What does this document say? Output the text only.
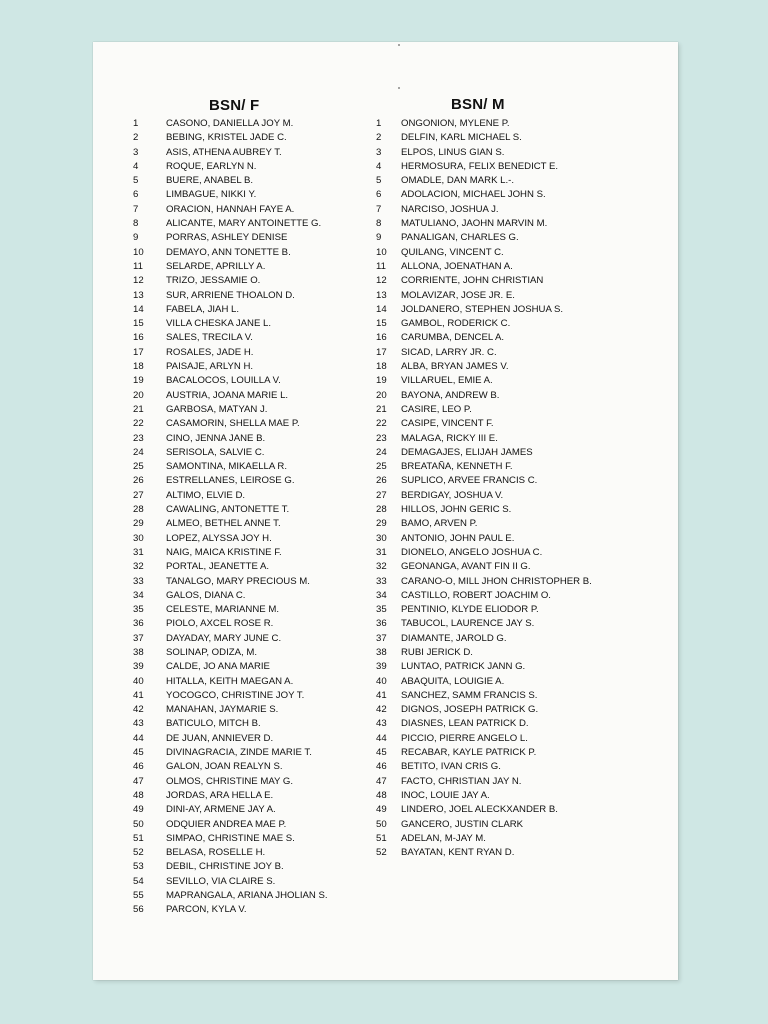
BSN/ F
1	CASONO, DANIELLA JOY M.
2	BEBING, KRISTEL JADE C.
3	ASIS, ATHENA AUBREY T.
4	ROQUE, EARLYN N.
5	BUERE, ANABEL B.
6	LIMBAGUE, NIKKI Y.
7	ORACION, HANNAH FAYE A.
8	ALICANTE, MARY ANTOINETTE G.
9	PORRAS, ASHLEY DENISE
10	DEMAYO, ANN TONETTE B.
11	SELARDE, APRILLY A.
12	TRIZO, JESSAMIE O.
13	SUR, ARRIENE THOALON D.
14	FABELA, JIAH L.
15	VILLA CHESKA JANE L.
16	SALES, TRECILA V.
17	ROSALES, JADE H.
18	PAISAJE, ARLYN H.
19	BACALOCOS, LOUILLA V.
20	AUSTRIA, JOANA MARIE L.
21	GARBOSA, MATYAN J.
22	CASAMORIN, SHELLA MAE P.
23	CINO, JENNA JANE B.
24	SERISOLA, SALVIE C.
25	SAMONTINA, MIKAELLA R.
26	ESTRELLANES, LEIROSE G.
27	ALTIMO, ELVIE D.
28	CAWALING, ANTONETTE T.
29	ALMEO, BETHEL ANNE T.
30	LOPEZ, ALYSSA JOY H.
31	NAIG, MAICA KRISTINE F.
32	PORTAL, JEANETTE A.
33	TANALGO, MARY PRECIOUS M.
34	GALOS, DIANA C.
35	CELESTE, MARIANNE M.
36	PIOLO, AXCEL ROSE R.
37	DAYADAY, MARY JUNE C.
38	SOLINAP, ODIZA, M.
39	CALDE, JO ANA MARIE
40	HITALLA, KEITH MAEGAN A.
41	YOCOGCO, CHRISTINE JOY T.
42	MANAHAN, JAYMARIE S.
43	BATICULO, MITCH B.
44	DE JUAN, ANNIEVER D.
45	DIVINAGRACIA, ZINDE MARIE T.
46	GALON, JOAN REALYN S.
47	OLMOS, CHRISTINE MAY G.
48	JORDAS, ARA HELLA E.
49	DINI-AY, ARMENE JAY A.
50	ODQUIER ANDREA MAE P.
51	SIMPAO, CHRISTINE MAE S.
52	BELASA, ROSELLE H.
53	DEBIL, CHRISTINE JOY B.
54	SEVILLO, VIA CLAIRE S.
55	MAPRANGALA, ARIANA JHOLIAN S.
56	PARCON, KYLA V.
BSN/ M
1	ONGONION, MYLENE P.
2	DELFIN, KARL MICHAEL S.
3	ELPOS, LINUS GIAN S.
4	HERMOSURA, FELIX BENEDICT E.
5	OMADLE, DAN MARK L.-.
6	ADOLACION, MICHAEL JOHN S.
7	NARCISO, JOSHUA J.
8	MATULIANO, JAOHN MARVIN M.
9	PANALIGAN, CHARLES G.
10	QUILANG, VINCENT C.
11	ALLONA, JOENATHAN A.
12	CORRIENTE, JOHN CHRISTIAN
13	MOLAVIZAR, JOSE JR. E.
14	JOLDANERO, STEPHEN JOSHUA S.
15	GAMBOL, RODERICK C.
16	CARUMBA, DENCEL A.
17	SICAD, LARRY JR. C.
18	ALBA, BRYAN JAMES V.
19	VILLARUEL, EMIE A.
20	BAYONA, ANDREW B.
21	CASIRE, LEO P.
22	CASIPE, VINCENT F.
23	MALAGA, RICKY III E.
24	DEMAGAJES, ELIJAH JAMES
25	BREATAÑA, KENNETH F.
26	SUPLICO, ARVEE FRANCIS C.
27	BERDIGAY, JOSHUA V.
28	HILLOS, JOHN GERIC S.
29	BAMO, ARVEN P.
30	ANTONIO, JOHN PAUL E.
31	DIONELO, ANGELO JOSHUA C.
32	GEONANGA, AVANT FIN II G.
33	CARANO-O, MILL JHON CHRISTOPHER B.
34	CASTILLO, ROBERT JOACHIM O.
35	PENTINIO, KLYDE ELIODOR P.
36	TABUCOL, LAURENCE JAY S.
37	DIAMANTE, JAROLD G.
38	RUBI JERICK D.
39	LUNTAO, PATRICK JANN G.
40	ABAQUITA, LOUIGIE A.
41	SANCHEZ, SAMM FRANCIS S.
42	DIGNOS, JOSEPH PATRICK G.
43	DIASNES, LEAN PATRICK D.
44	PICCIO, PIERRE ANGELO L.
45	RECABAR, KAYLE PATRICK P.
46	BETITO, IVAN CRIS G.
47	FACTO, CHRISTIAN JAY N.
48	INOC, LOUIE JAY A.
49	LINDERO, JOEL ALECKXANDER B.
50	GANCERO, JUSTIN CLARK
51	ADELAN, M-JAY M.
52	BAYATAN, KENT RYAN D.
